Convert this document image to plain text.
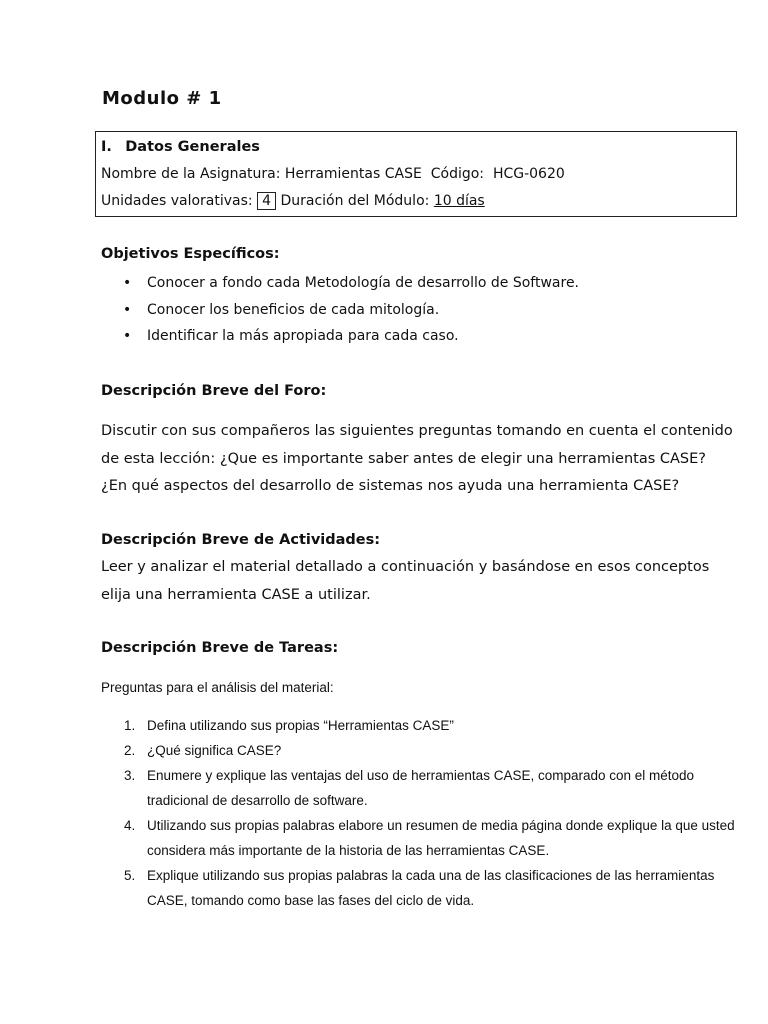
Modulo # 1
I. Datos Generales
Nombre de la Asignatura: Herramientas CASE Código: HCG-0620
Unidades valorativas: 4 Duración del Módulo: 10 días
Objetivos Específicos:
• Conocer a fondo cada Metodología de desarrollo de Software.
• Conocer los beneficios de cada mitología.
• Identificar la más apropiada para cada caso.
Descripción Breve del Foro:
Discutir con sus compañeros las siguientes preguntas tomando en cuenta el contenido de esta lección: ¿Que es importante saber antes de elegir una herramientas CASE?
¿En qué aspectos del desarrollo de sistemas nos ayuda una herramienta CASE?
Descripción Breve de Actividades:
Leer y analizar el material detallado a continuación y basándose en esos conceptos elija una herramienta CASE a utilizar.
Descripción Breve de Tareas:
Preguntas para el análisis del material:
1. Defina utilizando sus propias “Herramientas CASE”
2. ¿Qué significa CASE?
3. Enumere y explique las ventajas del uso de herramientas CASE, comparado con el método tradicional de desarrollo de software.
4. Utilizando sus propias palabras elabore un resumen de media página donde explique la que usted considera más importante de la historia de las herramientas CASE.
5. Explique utilizando sus propias palabras la cada una de las clasificaciones de las herramientas CASE, tomando como base las fases del ciclo de vida.
